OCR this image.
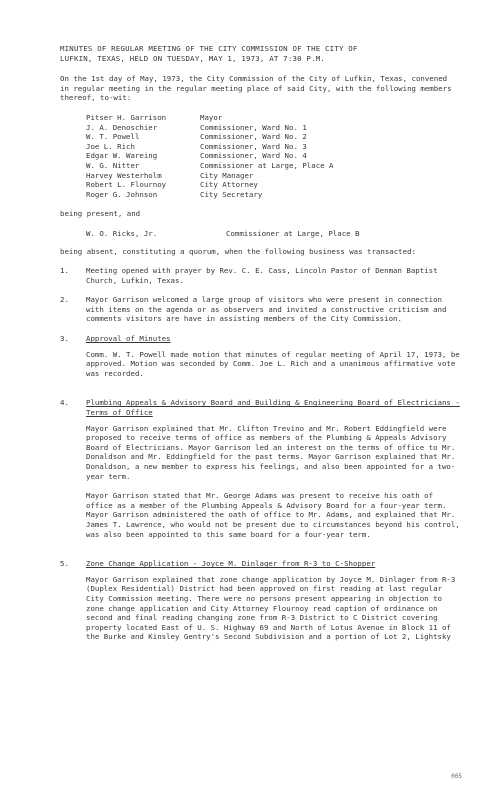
MINUTES OF REGULAR MEETING OF THE CITY COMMISSION OF THE CITY OF
LUFKIN, TEXAS, HELD ON TUESDAY, MAY 1, 1973, AT 7:30 P.M.
On the 1st day of May, 1973, the City Commission of the City of Lufkin, Texas, convened in regular meeting in the regular meeting place of said City, with the following members thereof, to-wit:
Pitser H. Garrison	Mayor
J. A. Denoschier	Commissioner, Ward No. 1
W. T. Powell	Commissioner, Ward No. 2
Joe L. Rich	Commissioner, Ward No. 3
Edgar W. Wareing	Commissioner, Ward No. 4
W. G. Nitter	Commissioner at Large, Place A
Harvey Westerholm	City Manager
Robert L. Flournoy	City Attorney
Roger G. Johnson	City Secretary
being present, and
W. O. Ricks, Jr.	Commissioner at Large, Place B
being absent, constituting a quorum, when the following business was transacted:
1.	Meeting opened with prayer by Rev. C. E. Cass, Lincoln Pastor of Denman Baptist Church, Lufkin, Texas.
2.	Mayor Garrison welcomed a large group of visitors who were present in connection with items on the agenda or as observers and invited a constructive criticism and comments visitors are have in assisting members of the City Commission.
3.	Approval of Minutes
Comm. W. T. Powell made motion that minutes of regular meeting of April 17, 1973, be approved. Motion was seconded by Comm. Joe L. Rich and a unanimous affirmative vote was recorded.
4.	Plumbing Appeals & Advisory Board and Building & Engineering Board of Electricians - Terms of Office
Mayor Garrison explained that Mr. Clifton Trevino and Mr. Robert Eddingfield were proposed to receive terms of office as members of the Plumbing & Appeals Advisory Board of Electricians. Mayor Garrison led an interest on the terms of office to Mr. Donaldson and Mr. Eddingfield for the past terms. Mayor Garrison explained that Mr. Donaldson, a new member to express his feelings, and also been appointed for a two-year term.
Mayor Garrison stated that Mr. George Adams was present to receive his oath of office as a member of the Plumbing Appeals & Advisory Board for a four-year term. Mayor Garrison administered the oath of office to Mr. Adams, and explained that Mr. James T. Lawrence, who would not be present due to circumstances beyond his control, was also been appointed to this same board for a four-year term.
5.	Zone Change Application - Joyce M. Dinlager from R-3 to C-Shopper
Mayor Garrison explained that zone change application by Joyce M. Dinlager from R-3 (Duplex Residential) District had been approved on first reading at last regular City Commission meeting. There were no persons present appearing in objection to zone change application and City Attorney Flournoy read caption of ordinance on second and final reading changing zone from R-3 District to C District covering property located East of U. S. Highway 69 and North of Lotus Avenue in Block 11 of the Burke and Kinsley Gentry's Second Subdivision and a portion of Lot 2, Lightsky
005
